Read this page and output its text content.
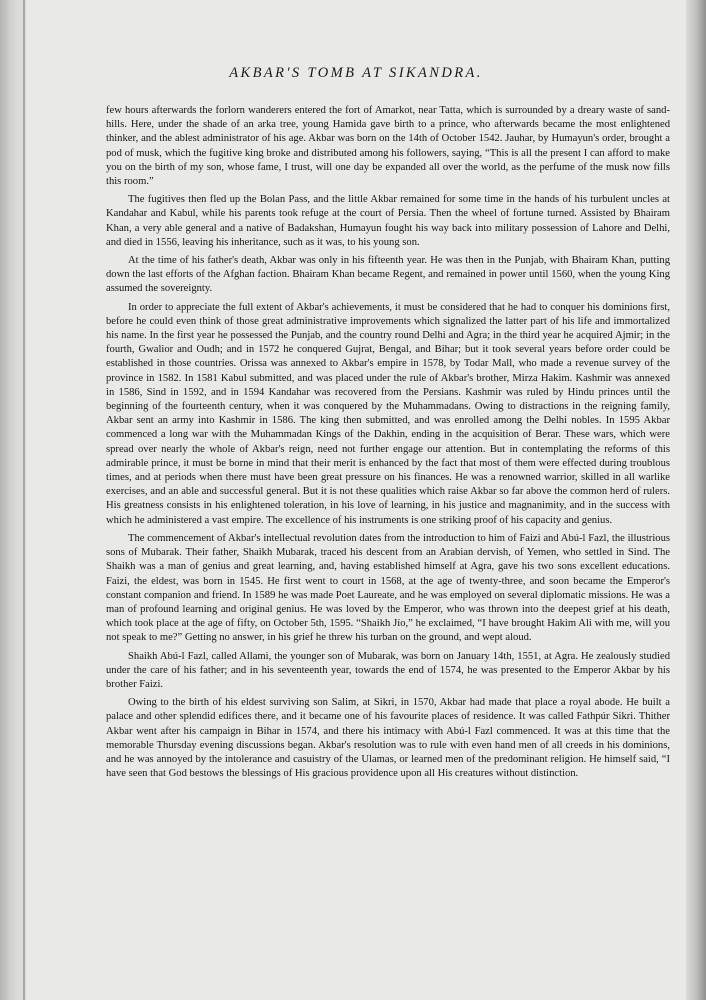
AKBAR'S TOMB AT SIKANDRA.

few hours afterwards the forlorn wanderers entered the fort of Amarkot, near Tatta, which is surrounded by a dreary waste of sand-hills. Here, under the shade of an arka tree, young Hamida gave birth to a prince, who afterwards became the most enlightened thinker, and the ablest administrator of his age. Akbar was born on the 14th of October 1542. Jauhar, by Humayun's order, brought a pod of musk, which the fugitive king broke and distributed among his followers, saying, “This is all the present I can afford to make you on the birth of my son, whose fame, I trust, will one day be expanded all over the world, as the perfume of the musk now fills this room.”

The fugitives then fled up the Bolan Pass, and the little Akbar remained for some time in the hands of his turbulent uncles at Kandahar and Kabul, while his parents took refuge at the court of Persia. Then the wheel of fortune turned. Assisted by Bhairam Khan, a very able general and a native of Badakshan, Humayun fought his way back into military possession of Lahore and Delhi, and died in 1556, leaving his inheritance, such as it was, to his young son.

At the time of his father's death, Akbar was only in his fifteenth year. He was then in the Punjab, with Bhairam Khan, putting down the last efforts of the Afghan faction. Bhairam Khan became Regent, and remained in power until 1560, when the young King assumed the sovereignty.

In order to appreciate the full extent of Akbar's achievements, it must be considered that he had to conquer his dominions first, before he could even think of those great administrative improvements which signalized the latter part of his life and immortalized his name. In the first year he possessed the Punjab, and the country round Delhi and Agra; in the third year he acquired Ajmir; in the fourth, Gwalior and Oudh; and in 1572 he conquered Gujrat, Bengal, and Bihar; but it took several years before order could be established in those countries. Orissa was annexed to Akbar's empire in 1578, by Todar Mall, who made a revenue survey of the province in 1582. In 1581 Kabul submitted, and was placed under the rule of Akbar's brother, Mirza Hakim. Kashmir was annexed in 1586, Sind in 1592, and in 1594 Kandahar was recovered from the Persians. Kashmir was ruled by Hindu princes until the beginning of the fourteenth century, when it was conquered by the Muhammadans. Owing to distractions in the reigning family, Akbar sent an army into Kashmir in 1586. The king then submitted, and was enrolled among the Delhi nobles. In 1595 Akbar commenced a long war with the Muhammadan Kings of the Dakhin, ending in the acquisition of Berar. These wars, which were spread over nearly the whole of Akbar's reign, need not further engage our attention. But in contemplating the reforms of this admirable prince, it must be borne in mind that their merit is enhanced by the fact that most of them were effected during troublous times, and at periods when there must have been great pressure on his finances. He was a renowned warrior, skilled in all warlike exercises, and an able and successful general. But it is not these qualities which raise Akbar so far above the common herd of rulers. His greatness consists in his enlightened toleration, in his love of learning, in his justice and magnanimity, and in the success with which he administered a vast empire. The excellence of his instruments is one striking proof of his capacity and genius.

The commencement of Akbar's intellectual revolution dates from the introduction to him of Faizi and Abú-l Fazl, the illustrious sons of Mubarak. Their father, Shaikh Mubarak, traced his descent from an Arabian dervish, of Yemen, who settled in Sind. The Shaikh was a man of genius and great learning, and, having established himself at Agra, gave his two sons excellent educations. Faizi, the eldest, was born in 1545. He first went to court in 1568, at the age of twenty-three, and soon became the Emperor's constant companion and friend. In 1589 he was made Poet Laureate, and he was employed on several diplomatic missions. He was a man of profound learning and original genius. He was loved by the Emperor, who was thrown into the deepest grief at his death, which took place at the age of fifty, on October 5th, 1595. “Shaikh Jío,” he exclaimed, “I have brought Hakim Ali with me, will you not speak to me?” Getting no answer, in his grief he threw his turban on the ground, and wept aloud.

Shaikh Abú-l Fazl, called Allami, the younger son of Mubarak, was born on January 14th, 1551, at Agra. He zealously studied under the care of his father; and in his seventeenth year, towards the end of 1574, he was presented to the Emperor Akbar by his brother Faizi.

Owing to the birth of his eldest surviving son Salim, at Sikri, in 1570, Akbar had made that place a royal abode. He built a palace and other splendid edifices there, and it became one of his favourite places of residence. It was called Fathpúr Sikri. Thither Akbar went after his campaign in Bihar in 1574, and there his intimacy with Abú-l Fazl commenced. It was at this time that the memorable Thursday evening discussions began. Akbar's resolution was to rule with even hand men of all creeds in his dominions, and he was annoyed by the intolerance and casuistry of the Ulamas, or learned men of the predominant religion. He himself said, “I have seen that God bestows the blessings of His gracious providence upon all His creatures without distinction.
